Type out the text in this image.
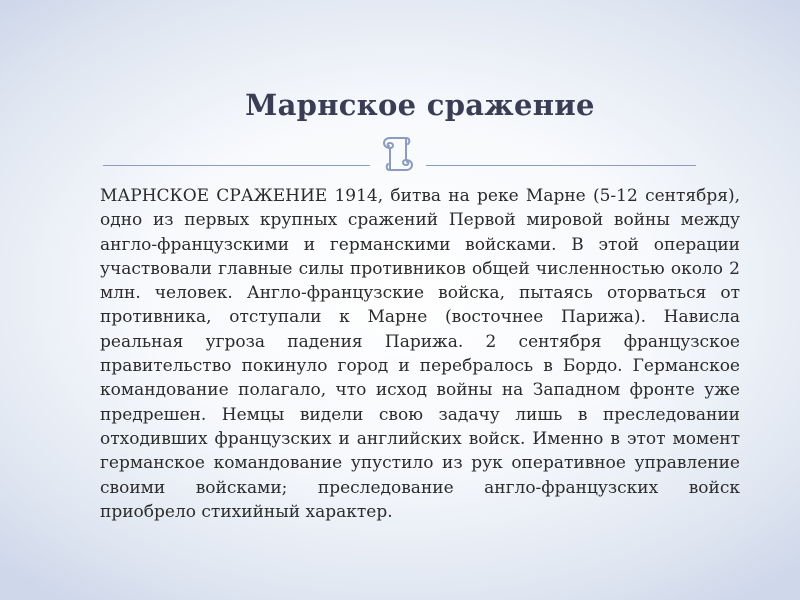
Марнское сражение

МАРНСКОЕ СРАЖЕНИЕ 1914, битва на реке Марне (5-12 сентября), одно из первых крупных сражений Первой мировой войны между англо-французскими и германскими войсками. В этой операции участвовали главные силы противников общей численностью около 2 млн. человек. Англо-французские войска, пытаясь оторваться от противника, отступали к Марне (восточнее Парижа). Нависла реальная угроза падения Парижа. 2 сентября французское правительство покинуло город и перебралось в Бордо. Германское командование полагало, что исход войны на Западном фронте уже предрешен. Немцы видели свою задачу лишь в преследовании отходивших французских и английских войск. Именно в этот момент германское командование упустило из рук оперативное управление своими войсками; преследование англо-французских войск приобрело стихийный характер.
